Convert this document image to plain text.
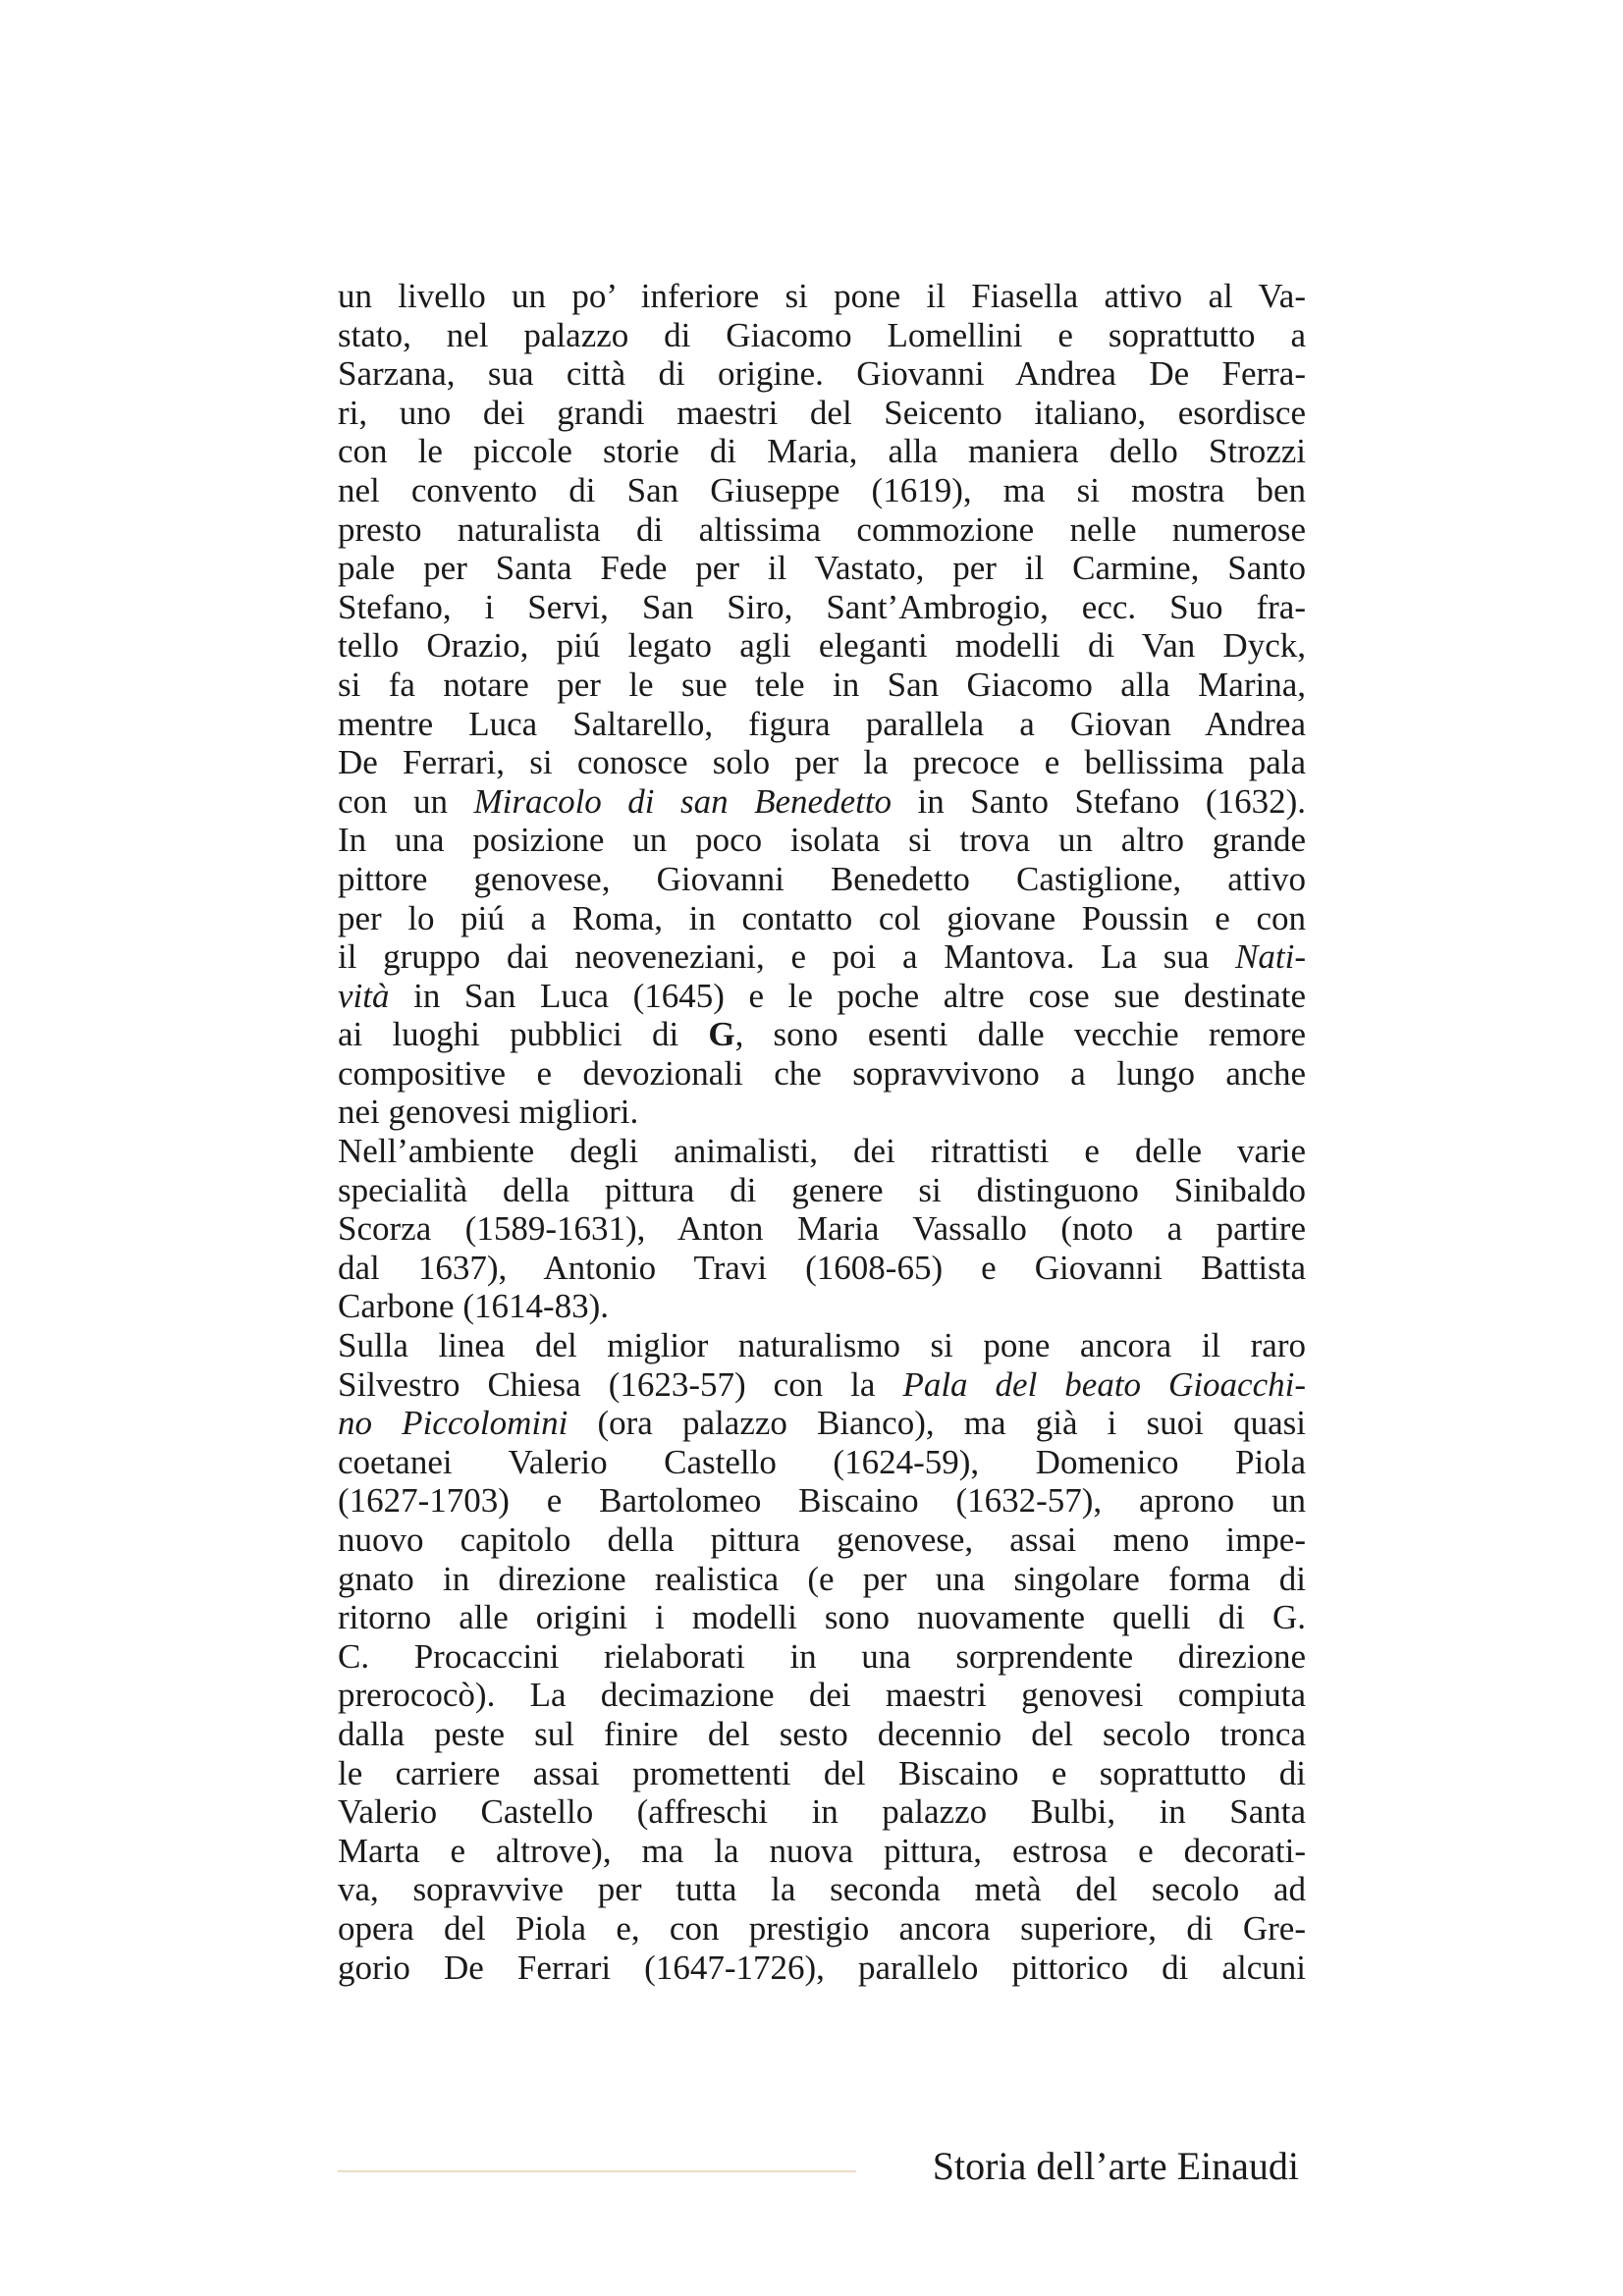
un livello un po’ inferiore si pone il Fiasella attivo al Va-
stato, nel palazzo di Giacomo Lomellini e soprattutto a
Sarzana, sua città di origine. Giovanni Andrea De Ferra-
ri, uno dei grandi maestri del Seicento italiano, esordisce
con le piccole storie di Maria, alla maniera dello Strozzi
nel convento di San Giuseppe (1619), ma si mostra ben
presto naturalista di altissima commozione nelle numerose
pale per Santa Fede per il Vastato, per il Carmine, Santo
Stefano, i Servi, San Siro, Sant’Ambrogio, ecc. Suo fra-
tello Orazio, piú legato agli eleganti modelli di Van Dyck,
si fa notare per le sue tele in San Giacomo alla Marina,
mentre Luca Saltarello, figura parallela a Giovan Andrea
De Ferrari, si conosce solo per la precoce e bellissima pala
con un Miracolo di san Benedetto in Santo Stefano (1632).
In una posizione un poco isolata si trova un altro grande
pittore genovese, Giovanni Benedetto Castiglione, attivo
per lo piú a Roma, in contatto col giovane Poussin e con
il gruppo dai neoveneziani, e poi a Mantova. La sua Nati-
vità in San Luca (1645) e le poche altre cose sue destinate
ai luoghi pubblici di G, sono esenti dalle vecchie remore
compositive e devozionali che sopravvivono a lungo anche
nei genovesi migliori.
Nell’ambiente degli animalisti, dei ritrattisti e delle varie
specialità della pittura di genere si distinguono Sinibaldo
Scorza (1589-1631), Anton Maria Vassallo (noto a partire
dal 1637), Antonio Travi (1608-65) e Giovanni Battista
Carbone (1614-83).
Sulla linea del miglior naturalismo si pone ancora il raro
Silvestro Chiesa (1623-57) con la Pala del beato Gioacchi-
no Piccolomini (ora palazzo Bianco), ma già i suoi quasi
coetanei Valerio Castello (1624-59), Domenico Piola
(1627-1703) e Bartolomeo Biscaino (1632-57), aprono un
nuovo capitolo della pittura genovese, assai meno impe-
gnato in direzione realistica (e per una singolare forma di
ritorno alle origini i modelli sono nuovamente quelli di G.
C. Procaccini rielaborati in una sorprendente direzione
prerococò). La decimazione dei maestri genovesi compiuta
dalla peste sul finire del sesto decennio del secolo tronca
le carriere assai promettenti del Biscaino e soprattutto di
Valerio Castello (affreschi in palazzo Bulbi, in Santa
Marta e altrove), ma la nuova pittura, estrosa e decorati-
va, sopravvive per tutta la seconda metà del secolo ad
opera del Piola e, con prestigio ancora superiore, di Gre-
gorio De Ferrari (1647-1726), parallelo pittorico di alcuni
Storia dell’arte Einaudi
